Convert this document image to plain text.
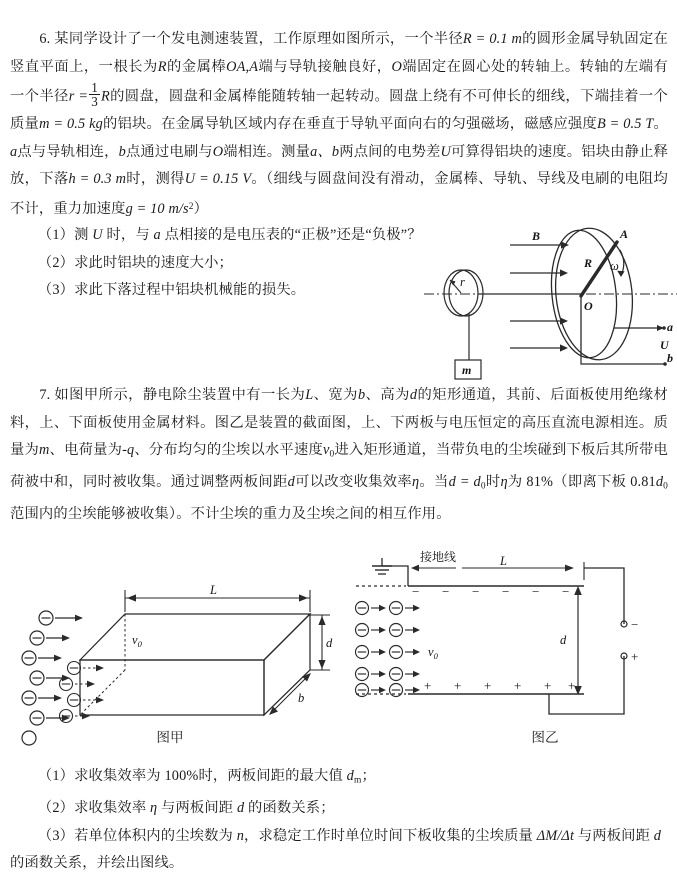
6. 某同学设计了一个发电测速装置，工作原理如图所示，一个半径R = 0.1 m的圆形金属导轨固定在竖直平面上，一根长为R的金属棒OA,A端与导轨接触良好，O端固定在圆心处的转轴上。转轴的左端有一个半径$r = \frac{1}{3}$ R的圆盘，圆盘和金属棒能随转轴一起转动。圆盘上绕有不可伸长的细线，下端挂着一个质量m = 0.5 kg的铝块。在金属导轨区域内存在垂直于导轨平面向右的匀强磁场，磁感应强度B = 0.5 T。a点与导轨相连，b点通过电刷与O端相连。测量a、b两点间的电势差U可算得铝块的速度。铝块由静止释放，下落h = 0.3 m时，测得U = 0.15 V。（细线与圆盘间没有滑动，金属棒、导轨、导线及电刷的电阻均不计，重力加速度g = 10 $m/s^2$）
（1）测 U 时，与 a 点相接的是电压表的“正极”还是“负极”？
（2）求此时铝块的速度大小；
（3）求此下落过程中铝块机械能的损失。	r
m
O
A
R ω
B
a
b
U
7. 如图甲所示，静电除尘装置中有一长为L、宽为b、高为d的矩形通道，其前、后面板使用绝缘材料，上、下面板使用金属材料。图乙是装置的截面图，上、下两板与电压恒定的高压直流电源相连。质量为m、电荷量为-q、分布均匀的尘埃以水平速度$v_0$进入矩形通道，当带负电的尘埃碰到下板后其所带电荷被中和，同时被收集。通过调整两板间距d可以改变收集效率η。当$d = d_0$时η为 81%（即离下板 $0.81d_0$范围内的尘埃能够被收集）。不计尘埃的重力及尘埃之间的相互作用。
L
d
b
$v_0$
图甲
− − − − − −
+ + + + + +
接地线	L
d
−
+
$v_0$
图乙
（1）求收集效率为 100%时，两板间距的最大值 $d_m$；
（2）求收集效率 η 与两板间距 d 的函数关系；
（3）若单位体积内的尘埃数为 n，求稳定工作时单位时间下板收集的尘埃质量 ΔM/Δt 与两板间距 d 的函数关系，并绘出图线。
